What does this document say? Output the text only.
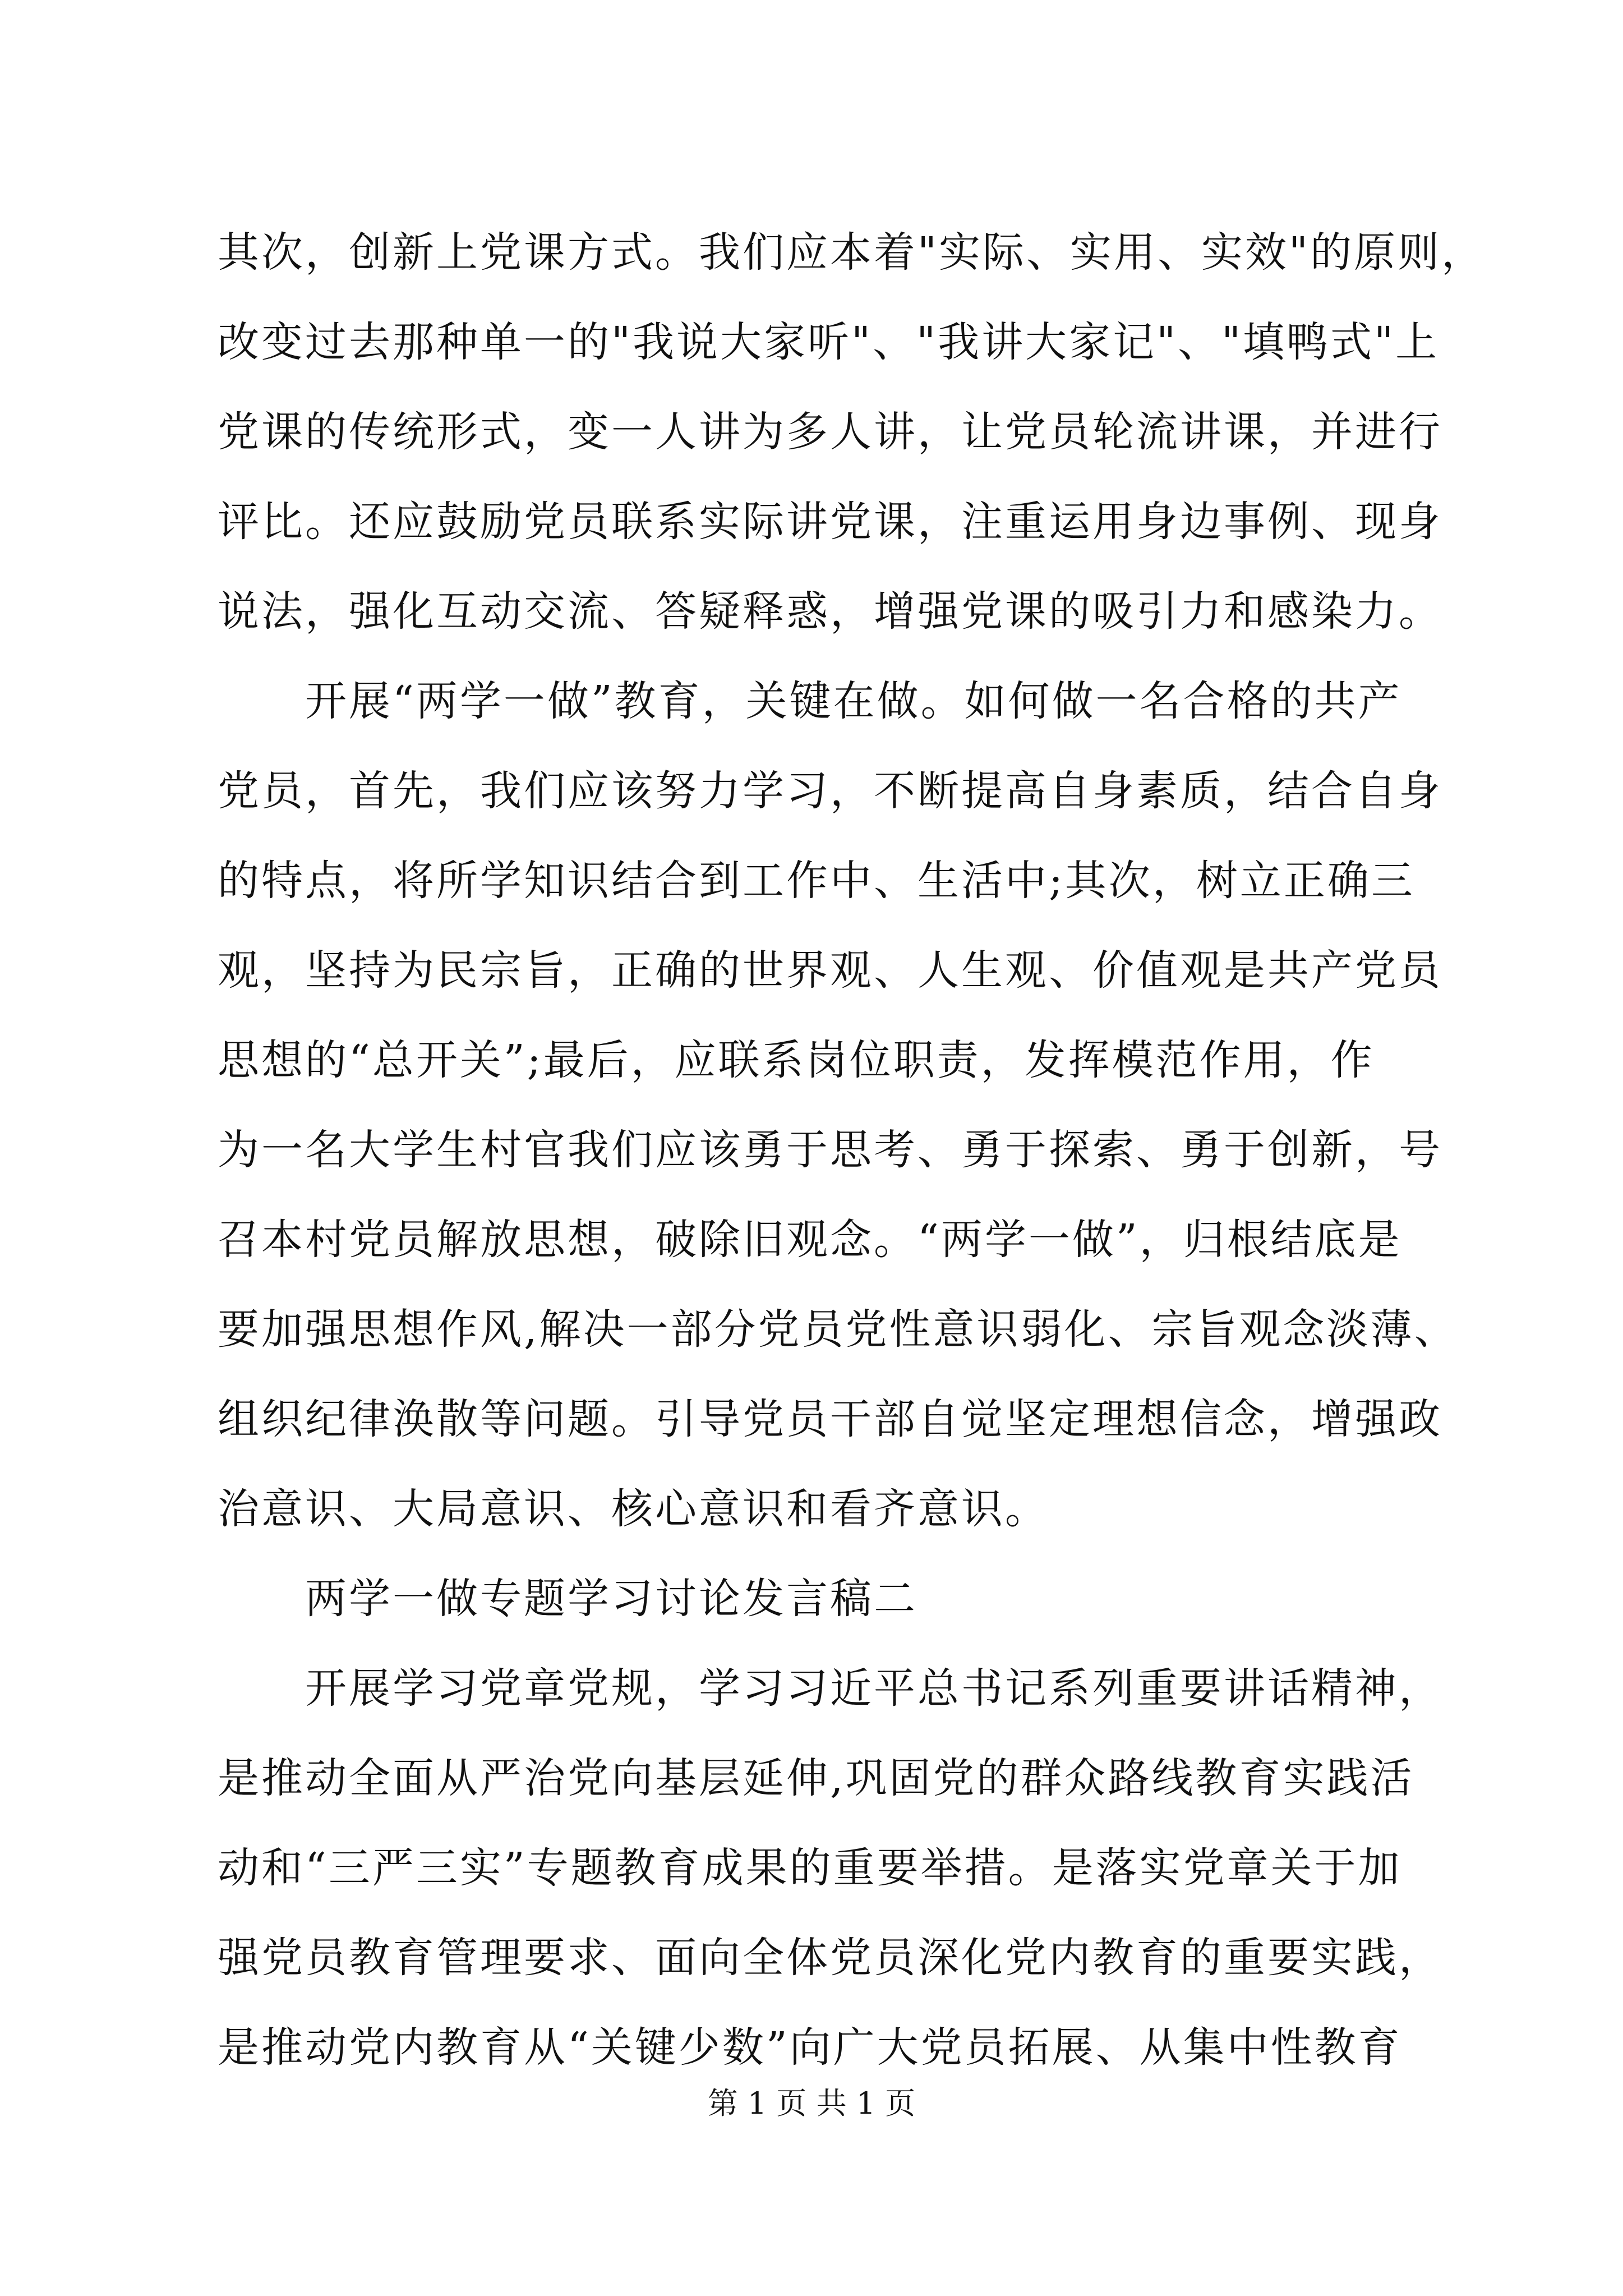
其次，创新上党课方式。我们应本着"实际、实用、实效"的原则，
改变过去那种单一的"我说大家听"、"我讲大家记"、"填鸭式"上
党课的传统形式，变一人讲为多人讲，让党员轮流讲课，并进行
评比。还应鼓励党员联系实际讲党课，注重运用身边事例、现身
说法，强化互动交流、答疑释惑，增强党课的吸引力和感染力。
　　开展“两学一做”教育，关键在做。如何做一名合格的共产
党员，首先，我们应该努力学习，不断提高自身素质，结合自身
的特点，将所学知识结合到工作中、生活中;其次，树立正确三
观，坚持为民宗旨，正确的世界观、人生观、价值观是共产党员
思想的“总开关”;最后，应联系岗位职责，发挥模范作用，作
为一名大学生村官我们应该勇于思考、勇于探索、勇于创新，号
召本村党员解放思想，破除旧观念。“两学一做”，归根结底是
要加强思想作风,解决一部分党员党性意识弱化、宗旨观念淡薄、
组织纪律涣散等问题。引导党员干部自觉坚定理想信念，增强政
治意识、大局意识、核心意识和看齐意识。
　　两学一做专题学习讨论发言稿二
　　开展学习党章党规，学习习近平总书记系列重要讲话精神，
是推动全面从严治党向基层延伸,巩固党的群众路线教育实践活
动和“三严三实”专题教育成果的重要举措。是落实党章关于加
强党员教育管理要求、面向全体党员深化党内教育的重要实践，
是推动党内教育从“关键少数”向广大党员拓展、从集中性教育
第 1 页 共 1 页
